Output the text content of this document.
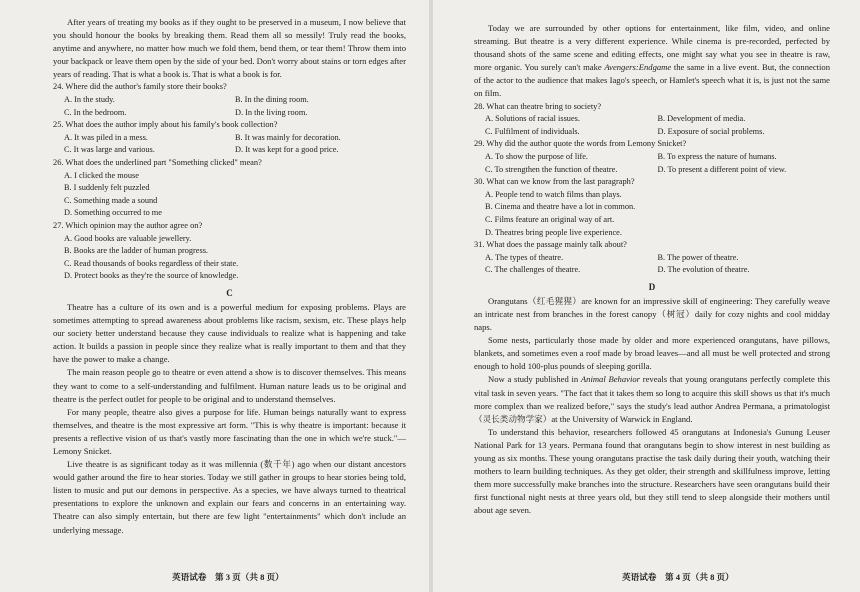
After years of treating my books as if they ought to be preserved in a museum, I now believe that you should honour the books by breaking them. Read them all so messily! Truly read the books, anytime and anywhere, no matter how much we fold them, bend them, or tear them! Throw them into your backpack or leave them open by the side of your bed. Don't worry about stains or torn edges after years of reading. That is what a book is. That is what a book is for.

24. Where did the author's family store their books?
A. In the study.	B. In the dining room.
C. In the bedroom.	D. In the living room.
25. What does the author imply about his family's book collection?
A. It was piled in a mess.	B. It was mainly for decoration.
C. It was large and various.	D. It was kept for a good price.
26. What does the underlined part "Something clicked" mean?
A. I clicked the mouse
B. I suddenly felt puzzled
C. Something made a sound
D. Something occurred to me
27. Which opinion may the author agree on?
A. Good books are valuable jewellery.
B. Books are the ladder of human progress.
C. Read thousands of books regardless of their state.
D. Protect books as they're the source of knowledge.
C

Theatre has a culture of its own and is a powerful medium for exposing problems. Plays are sometimes attempting to spread awareness about problems like racism, sexism, etc. These plays help our society better understand because they cause individuals to realize what is happening and take action. It builds a passion in people since they realize what is really important to them and that they have the power to make a change.

The main reason people go to theatre or even attend a show is to discover themselves. This means they want to come to a self-understanding and fulfilment. Human nature leads us to be original and theatre is the perfect outlet for people to be original and to understand themselves.

For many people, theatre also gives a purpose for life. Human beings naturally want to express themselves, and theatre is the most expressive art form. "This is why theatre is important: because it presents a reflective vision of us that's vastly more fascinating than the one in which we're stuck."—Lemony Snicket.

Live theatre is as significant today as it was millennia (数千年) ago when our distant ancestors would gather around the fire to hear stories. Today we still gather in groups to hear stories being told, listen to music and put our demons in perspective. As a species, we have always turned to theatrical presentations to explore the unknown and explain our fears and concerns in an entertaining way. Theatre can also simply entertain, but there are few light "entertainments" which don't include an underlying message.

英语试卷　第 3 页（共 8 页）

Today we are surrounded by other options for entertainment, like film, video, and online streaming. But theatre is a very different experience. While cinema is pre-recorded, perfected by thousand shots of the same scene and editing effects, one might say what you see in theatre is raw, more organic. You surely can't make Avengers:Endgame the same in a live event. But, the connection of the actor to the audience that makes Iago's speech, or Hamlet's speech what it is, is just not the same on film.

28. What can theatre bring to society?
A. Solutions of racial issues.	B. Development of media.
C. Fulfilment of individuals.	D. Exposure of social problems.
29. Why did the author quote the words from Lemony Snicket?
A. To show the purpose of life.	B. To express the nature of humans.
C. To strengthen the function of theatre.	D. To present a different point of view.
30. What can we know from the last paragraph?
A. People tend to watch films than plays.
B. Cinema and theatre have a lot in common.
C. Films feature an original way of art.
D. Theatres bring people live experience.
31. What does the passage mainly talk about?
A. The types of theatre.	B. The power of theatre.
C. The challenges of theatre.	D. The evolution of theatre.
D

Orangutans（红毛猩猩）are known for an impressive skill of engineering: They carefully weave an intricate nest from branches in the forest canopy（树冠）daily for cozy nights and cool midday naps.

Some nests, particularly those made by older and more experienced orangutans, have pillows, blankets, and sometimes even a roof made by broad leaves—and all must be well protected and strong enough to hold 100-plus pounds of sleeping gorilla.

Now a study published in Animal Behavior reveals that young orangutans perfectly complete this vital task in seven years. "The fact that it takes them so long to acquire this skill shows us that it's much more complex than we realized before," says the study's lead author Andrea Permana, a primatologist（灵长类动物学家）at the University of Warwick in England.

To understand this behavior, researchers followed 45 orangutans at Indonesia's Gunung Leuser National Park for 13 years. Permana found that orangutans begin to show interest in nest building as young as six months. These young orangutans practise the task daily during their youth, watching their mothers to learn building techniques. As they get older, their strength and skillfulness improve, letting them more successfully make branches into the structure. Researchers have seen orangutans build their first functional night nests at three years old, but they still tend to sleep alongside their mothers until about age seven.

英语试卷　第 4 页（共 8 页）
